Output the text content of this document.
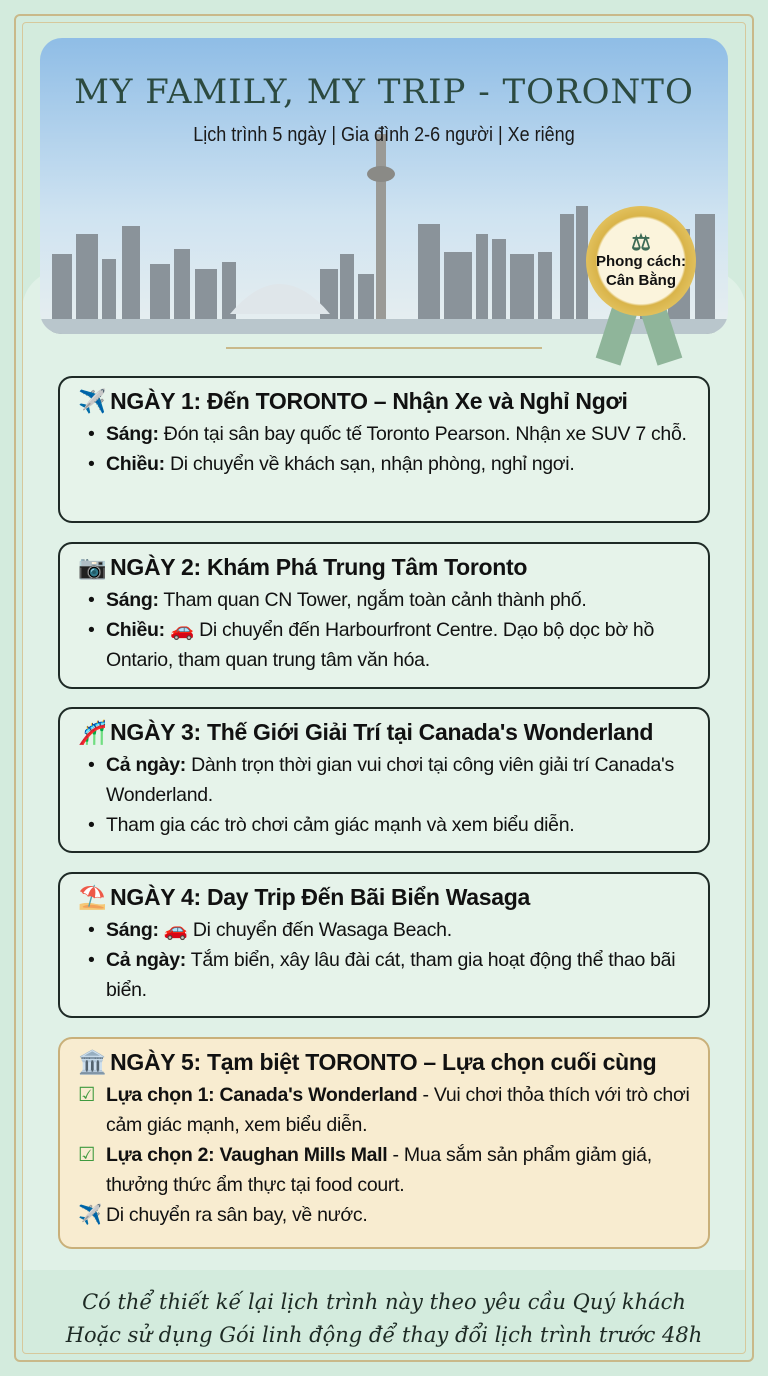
MY FAMILY, MY TRIP - TORONTO
Lịch trình 5 ngày | Gia đình 2-6 người | Xe riêng
⚖
Phong cách:
Cân Bằng
✈️ NGÀY 1: Đến TORONTO – Nhận Xe và Nghỉ Ngơi
• Sáng: Đón tại sân bay quốc tế Toronto Pearson. Nhận xe SUV 7 chỗ.
• Chiều: Di chuyển về khách sạn, nhận phòng, nghỉ ngơi.
📷 NGÀY 2: Khám Phá Trung Tâm Toronto
• Sáng: Tham quan CN Tower, ngắm toàn cảnh thành phố.
• Chiều: 🚗 Di chuyển đến Harbourfront Centre. Dạo bộ dọc bờ hồ Ontario, tham quan trung tâm văn hóa.
🎢 NGÀY 3: Thế Giới Giải Trí tại Canada's Wonderland
• Cả ngày: Dành trọn thời gian vui chơi tại công viên giải trí Canada's Wonderland.
• Tham gia các trò chơi cảm giác mạnh và xem biểu diễn.
⛱️ NGÀY 4: Day Trip Đến Bãi Biển Wasaga
• Sáng: 🚗 Di chuyển đến Wasaga Beach.
• Cả ngày: Tắm biển, xây lâu đài cát, tham gia hoạt động thể thao bãi biển.
🏛️ NGÀY 5: Tạm biệt TORONTO – Lựa chọn cuối cùng
☑ Lựa chọn 1: Canada's Wonderland - Vui chơi thỏa thích với trò chơi cảm giác mạnh, xem biểu diễn.
☑ Lựa chọn 2: Vaughan Mills Mall - Mua sắm sản phẩm giảm giá, thưởng thức ẩm thực tại food court.
✈️ Di chuyển ra sân bay, về nước.
Có thể thiết kế lại lịch trình này theo yêu cầu Quý khách
Hoặc sử dụng Gói linh động để thay đổi lịch trình trước 48h
